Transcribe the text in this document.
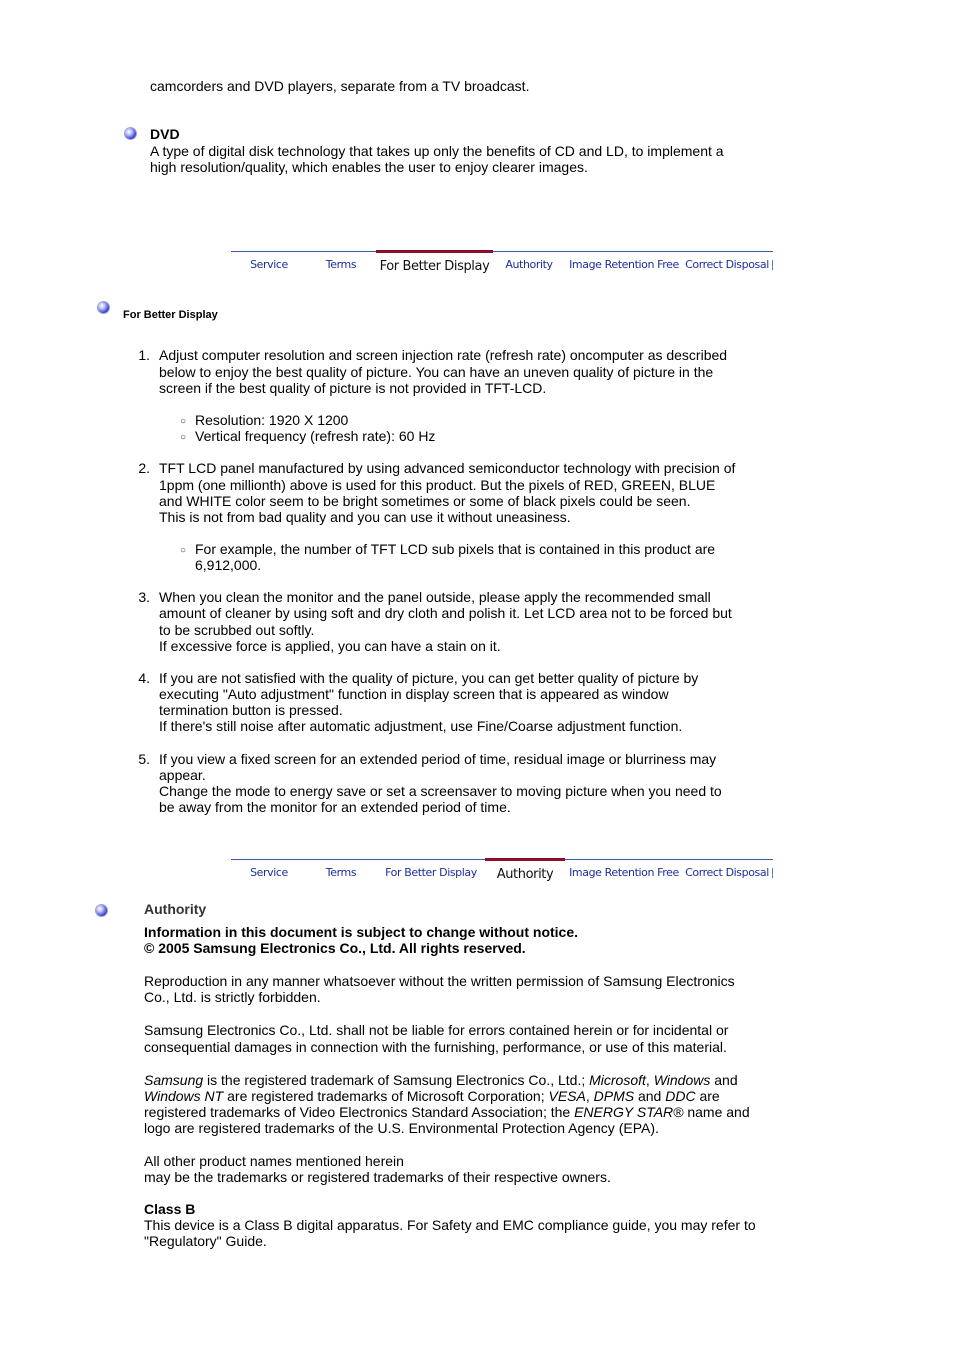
camcorders and DVD players, separate from a TV broadcast.
DVD
A type of digital disk technology that takes up only the benefits of CD and LD, to implement a
high resolution/quality, which enables the user to enjoy clearer images.
Service	Terms	For Better Display	Authority	Image Retention Free Correct Disposal
For Better Display
1. Adjust computer resolution and screen injection rate (refresh rate) oncomputer as described
below to enjoy the best quality of picture. You can have an uneven quality of picture in the
screen if the best quality of picture is not provided in TFT-LCD.
○ Resolution: 1920 X 1200
○ Vertical frequency (refresh rate): 60 Hz
2. TFT LCD panel manufactured by using advanced semiconductor technology with precision of
1ppm (one millionth) above is used for this product. But the pixels of RED, GREEN, BLUE
and WHITE color seem to be bright sometimes or some of black pixels could be seen.
This is not from bad quality and you can use it without uneasiness.
○ For example, the number of TFT LCD sub pixels that is contained in this product are
6,912,000.
3. When you clean the monitor and the panel outside, please apply the recommended small
amount of cleaner by using soft and dry cloth and polish it. Let LCD area not to be forced but
to be scrubbed out softly.
If excessive force is applied, you can have a stain on it.
4. If you are not satisfied with the quality of picture, you can get better quality of picture by
executing "Auto adjustment" function in display screen that is appeared as window
termination button is pressed.
If there's still noise after automatic adjustment, use Fine/Coarse adjustment function.
5. If you view a fixed screen for an extended period of time, residual image or blurriness may
appear.
Change the mode to energy save or set a screensaver to moving picture when you need to
be away from the monitor for an extended period of time.
Service	Terms	For Better Display	Authority	Image Retention Free Correct Disposal
Authority
Information in this document is subject to change without notice.
© 2005 Samsung Electronics Co., Ltd. All rights reserved.
Reproduction in any manner whatsoever without the written permission of Samsung Electronics
Co., Ltd. is strictly forbidden.
Samsung Electronics Co., Ltd. shall not be liable for errors contained herein or for incidental or
consequential damages in connection with the furnishing, performance, or use of this material.
Samsung is the registered trademark of Samsung Electronics Co., Ltd.; Microsoft, Windows and
Windows NT are registered trademarks of Microsoft Corporation; VESA, DPMS and DDC are
registered trademarks of Video Electronics Standard Association; the ENERGY STAR® name and
logo are registered trademarks of the U.S. Environmental Protection Agency (EPA).
All other product names mentioned herein
may be the trademarks or registered trademarks of their respective owners.
Class B
This device is a Class B digital apparatus. For Safety and EMC compliance guide, you may refer to
"Regulatory" Guide.
